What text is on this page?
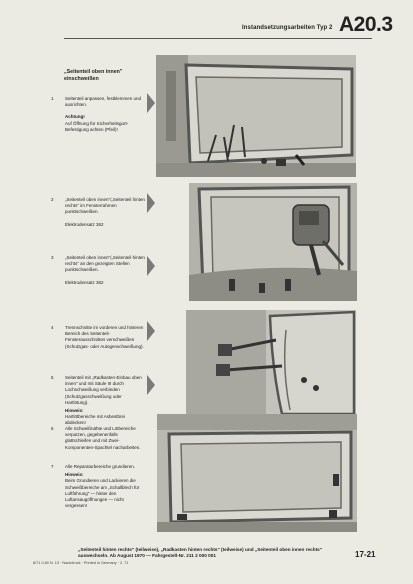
Instandsetzungsarbeiten Typ 2 A20.3
„Seitenteil oben innen" einschweißen
1	Seitenteil anpassen, festklemmen und ausrichten.
Achtung!
Auf Öffnung für Sicherheitsgurt-Befestigung achten (Pfeil)!
2	„Seitenteil oben innen"/„Seitenteil hinten rechts" im Fensterrahmen punktschweißen.
Elektrodensatz 362
3	„Seitenteil oben innen"/„Seitenteil hinten rechts" an den gezeigten Stellen punktschweißen.
Elektrodensatz 362
4	Trennschnitte im vorderen und hinteren Bereich des Seitenteil-Fensterausschnittes verschweißen (Schutzgas- oder Autogenschweißung).
5	Seitenteil mit „Radkasten-Einbau oben innen" und mit Säule III durch Lochschweißung verbinden (Schutzgasschweißung oder Hartlötung).
Hinweis:
Hartlötbereiche mit Asbestbrei abdecken!
6	Alle Schweißnähte und Lötbereiche verputzen, gegebenenfalls glattschleifen und mit Zwei-Komponenten-Spachtel nacharbeiten.
7	Alle Reparaturbereiche grundieren.
Hinweis:
Beim Grundieren und Lackieren die Schweißbereiche am „Schallblech für Luftführung" — hinter den Luftansaugöffnungen — nicht vergessen!
„Seitenteil hinten rechts" (teilweise), „Radkasten hinten rechts" (teilweise) und „Seitenteil oben innen rechts" auswechseln. Ab August 1970 — Fahrgestell-Nr. 211 2 000 001	17-21
8/71 0.80 N. 13 · Nachdruck · Printed in Germany · 2. 71
